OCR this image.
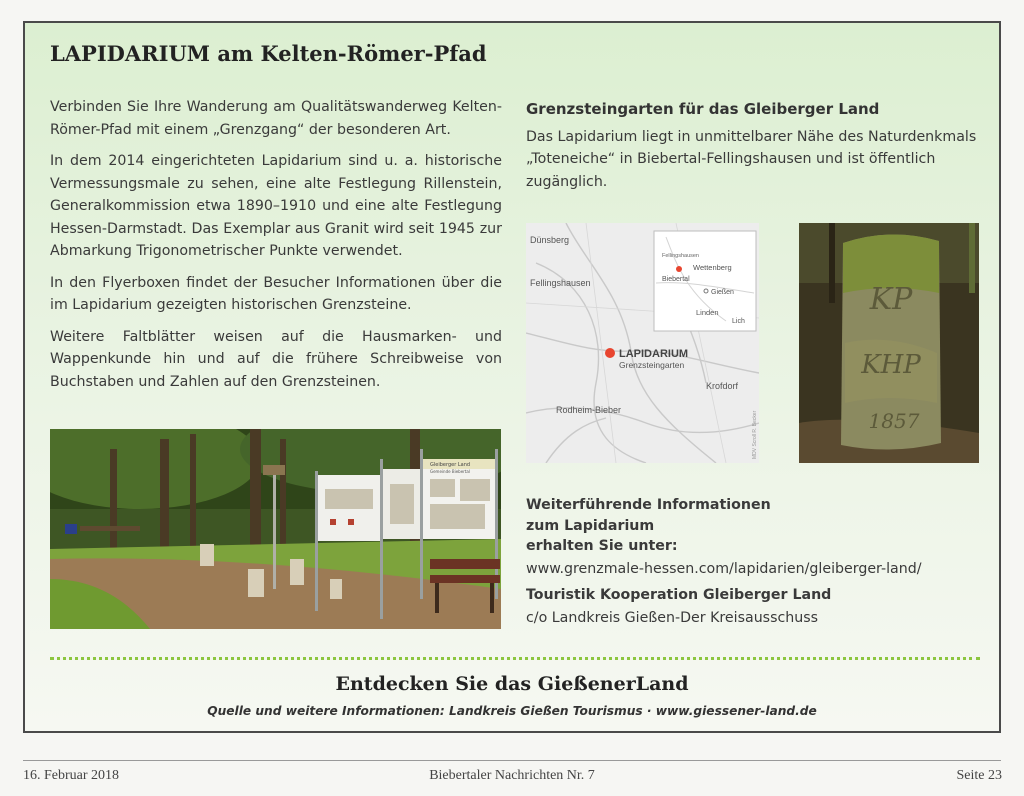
LAPIDARIUM am Kelten-Römer-Pfad

Verbinden Sie Ihre Wanderung am Qualitätswanderweg Kelten-Römer-Pfad mit einem „Grenzgang“ der besonderen Art.

In dem 2014 eingerichteten Lapidarium sind u. a. historische Vermessungsmale zu sehen, eine alte Festlegung Rillenstein, Generalkommission etwa 1890–1910 und eine alte Festlegung Hessen-Darmstadt. Das Exemplar aus Granit wird seit 1945 zur Abmarkung Trigonometrischer Punkte verwendet.

In den Flyerboxen findet der Besucher Informationen über die im Lapidarium gezeigten historischen Grenzsteine.

Weitere Faltblätter weisen auf die Hausmarken- und Wappenkunde hin und auf die frühere Schreibweise von Buchstaben und Zahlen auf den Grenzsteinen.

Grenzsteingarten für das Gleiberger Land

Das Lapidarium liegt in unmittelbarer Nähe des Naturdenkmals „Toteneiche“ in Biebertal-Fellingshausen und ist öffentlich zugänglich.

Fellingshausen
Biebertal
Wettenberg
Gießen
Linden
Lich
Dünsberg
Fellingshausen
Rodheim-Bieber
Krofdorf
LAPIDARIUM
Grenzsteingarten
MDV Scroll R. Becker
KP
KHP
1857
Gleiberger Land
Gemeinde Biebertal
Weiterführende Informationen
zum Lapidarium
erhalten Sie unter:
www.grenzmale-hessen.com/lapidarien/gleiberger-land/
Touristik Kooperation Gleiberger Land
c/o Landkreis Gießen-Der Kreisausschuss
Entdecken Sie das GießenerLand
Quelle und weitere Informationen: Landkreis Gießen Tourismus · www.giessener-land.de
16. Februar 2018	Biebertaler Nachrichten Nr. 7	Seite 23
